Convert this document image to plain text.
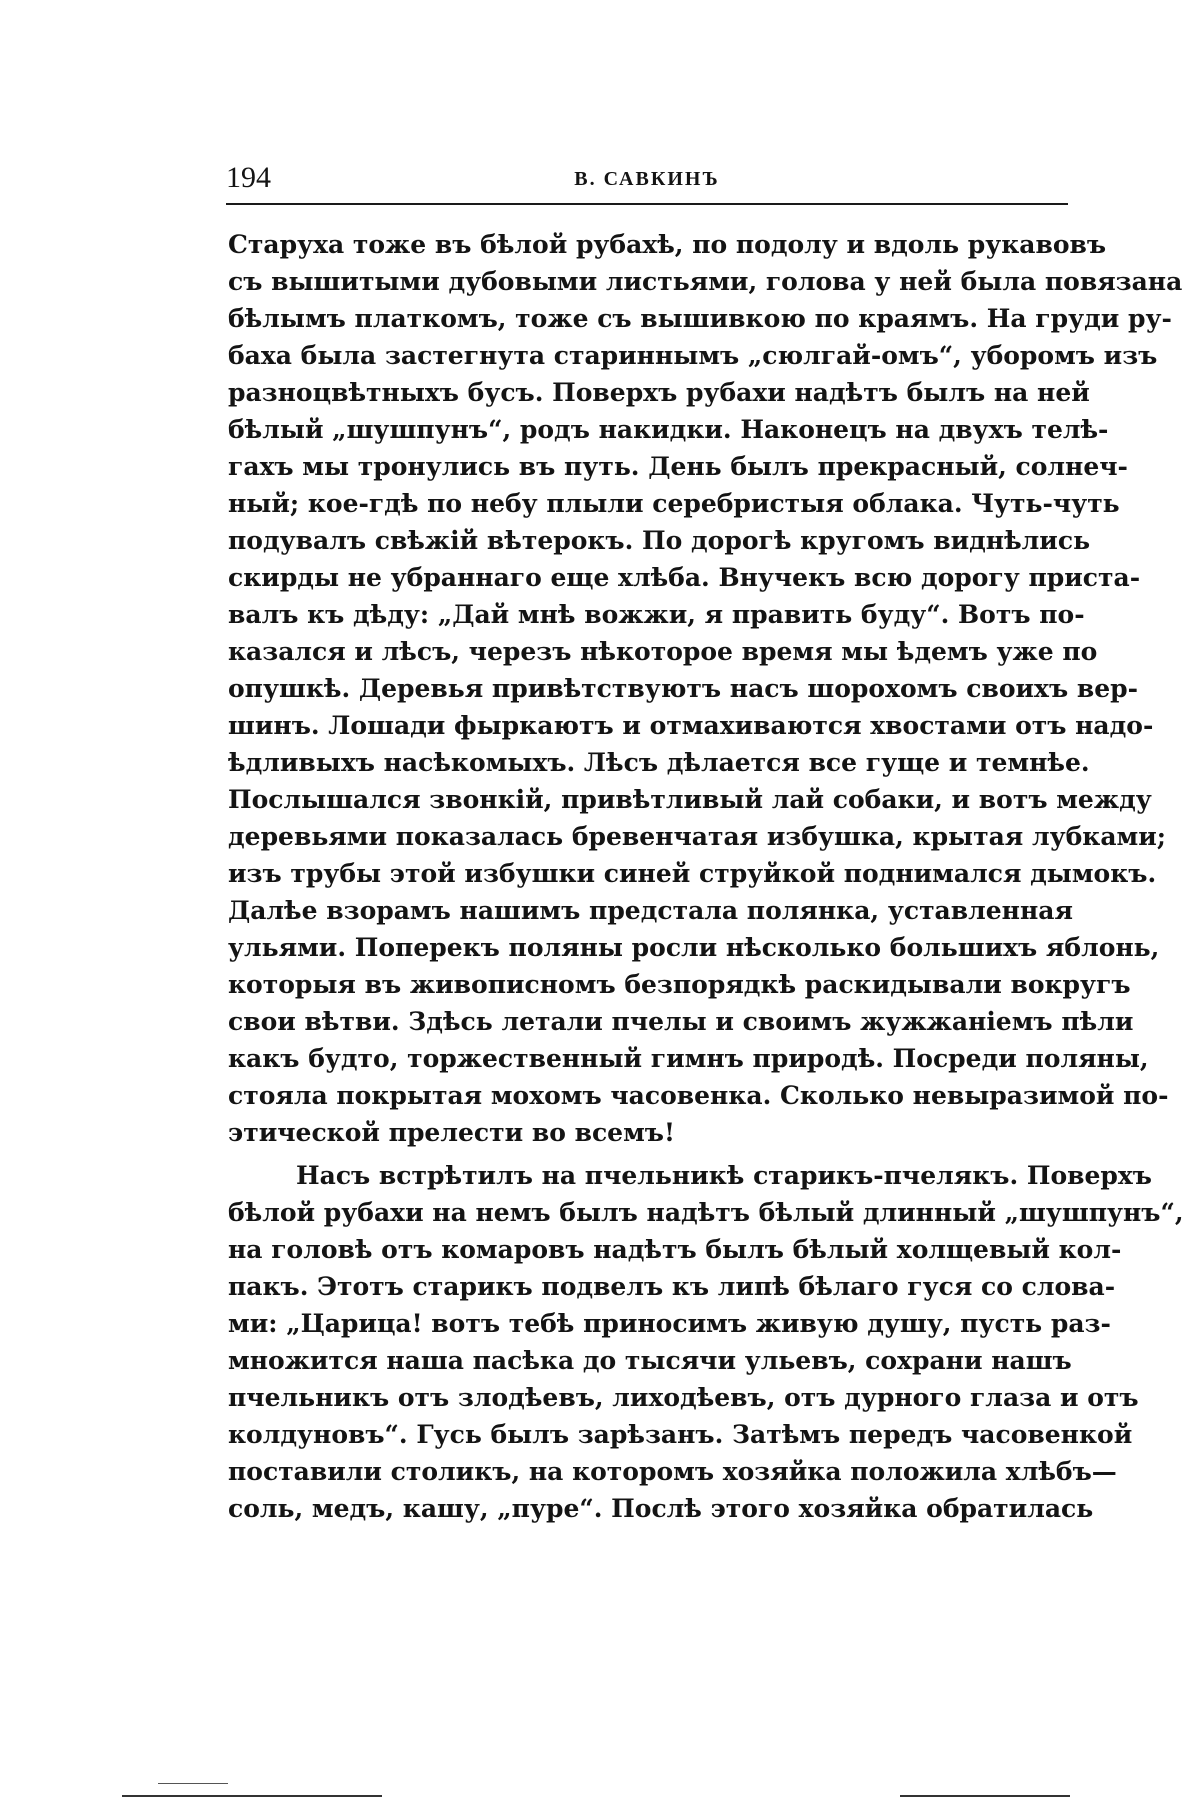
194	В. САВКИНЪ
Старуха тоже въ бѣлой рубахѣ, по подолу и вдоль рукавовъ
съ вышитыми дубовыми листьями, голова у ней была повязана
бѣлымъ платкомъ, тоже съ вышивкою по краямъ. На груди ру-
баха была застегнута стариннымъ „сюлгай-омъ“, уборомъ изъ
разноцвѣтныхъ бусъ. Поверхъ рубахи надѣтъ былъ на ней
бѣлый „шушпунъ“, родъ накидки. Наконецъ на двухъ телѣ-
гахъ мы тронулись въ путь. День былъ прекрасный, солнеч-
ный; кое-гдѣ по небу плыли серебристыя облака. Чуть-чуть
подувалъ свѣжій вѣтерокъ. По дорогѣ кругомъ виднѣлись
скирды не убраннаго еще хлѣба. Внучекъ всю дорогу приста-
валъ къ дѣду: „Дай мнѣ вожжи, я править буду“. Вотъ по-
казался и лѣсъ, черезъ нѣкоторое время мы ѣдемъ уже по
опушкѣ. Деревья привѣтствуютъ насъ шорохомъ своихъ вер-
шинъ. Лошади фыркаютъ и отмахиваются хвостами отъ надо-
ѣдливыхъ насѣкомыхъ. Лѣсъ дѣлается все гуще и темнѣе.
Послышался звонкій, привѣтливый лай собаки, и вотъ между
деревьями показалась бревенчатая избушка, крытая лубками;
изъ трубы этой избушки синей струйкой поднимался дымокъ.
Далѣе взорамъ нашимъ предстала полянка, уставленная
ульями. Поперекъ поляны росли нѣсколько большихъ яблонь,
которыя въ живописномъ безпорядкѣ раскидывали вокругъ
свои вѣтви. Здѣсь летали пчелы и своимъ жужжаніемъ пѣли
какъ будто, торжественный гимнъ природѣ. Посреди поляны,
стояла покрытая мохомъ часовенка. Сколько невыразимой по-
этической прелести во всемъ!
Насъ встрѣтилъ на пчельникѣ старикъ-пчелякъ. Поверхъ
бѣлой рубахи на немъ былъ надѣтъ бѣлый длинный „шушпунъ“,
на головѣ отъ комаровъ надѣтъ былъ бѣлый холщевый кол-
пакъ. Этотъ старикъ подвелъ къ липѣ бѣлаго гуся со слова-
ми: „Царица! вотъ тебѣ приносимъ живую душу, пусть раз-
множится наша пасѣка до тысячи ульевъ, сохрани нашъ
пчельникъ отъ злодѣевъ, лиходѣевъ, отъ дурного глаза и отъ
колдуновъ“. Гусь былъ зарѣзанъ. Затѣмъ передъ часовенкой
поставили столикъ, на которомъ хозяйка положила хлѣбъ—
соль, медъ, кашу, „пуре“. Послѣ этого хозяйка обратилась
